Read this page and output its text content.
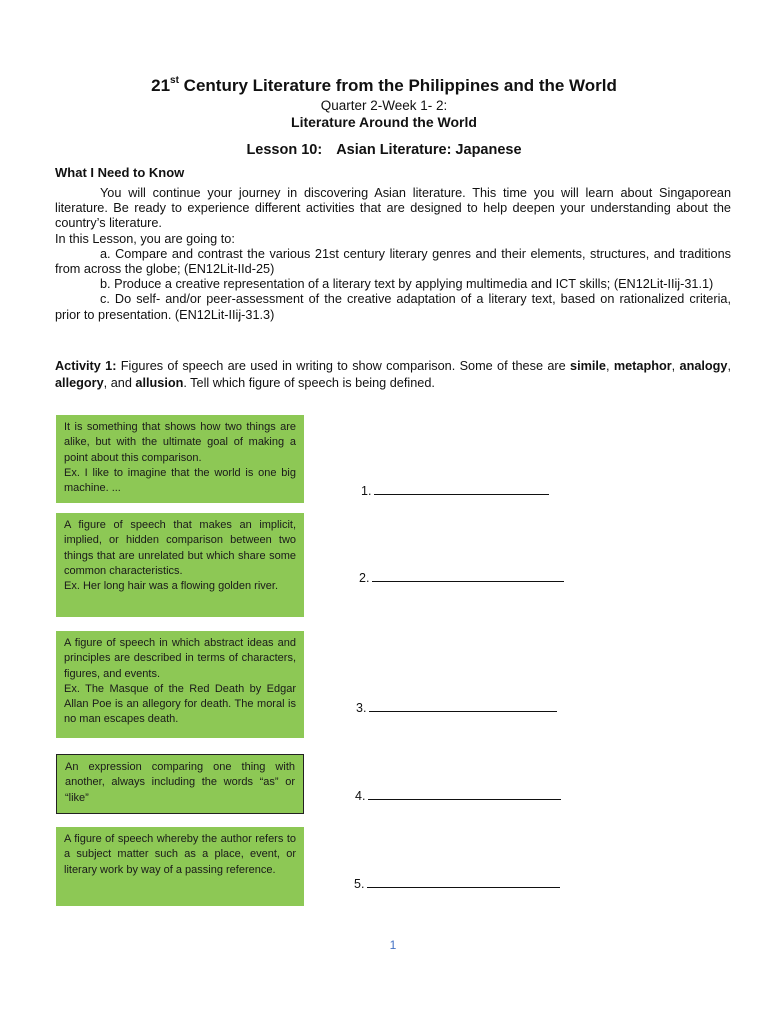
21st Century Literature from the Philippines and the World
Quarter 2-Week 1- 2:
Literature Around the World
Lesson 10: Asian Literature: Japanese
What I Need to Know

You will continue your journey in discovering Asian literature. This time you will learn about Singaporean literature. Be ready to experience different activities that are designed to help deepen your understanding about the country’s literature.

In this Lesson, you are going to:

a. Compare and contrast the various 21st century literary genres and their elements, structures, and traditions from across the globe; (EN12Lit-IId-25)

b. Produce a creative representation of a literary text by applying multimedia and ICT skills; (EN12Lit-IIij-31.1)

c. Do self- and/or peer-assessment of the creative adaptation of a literary text, based on rationalized criteria, prior to presentation. (EN12Lit-IIij-31.3)

Activity 1: Figures of speech are used in writing to show comparison. Some of these are simile, metaphor, analogy, allegory, and allusion. Tell which figure of speech is being defined.

It is something that shows how two things are alike, but with the ultimate goal of making a point about this comparison.

Ex. I like to imagine that the world is one big machine. ...

A figure of speech that makes an implicit, implied, or hidden comparison between two things that are unrelated but which share some common characteristics.

Ex. Her long hair was a flowing golden river.

A figure of speech in which abstract ideas and principles are described in terms of characters, figures, and events.

Ex. The Masque of the Red Death by Edgar Allan Poe is an allegory for death. The moral is no man escapes death.

An expression comparing one thing with another, always including the words “as” or “like”

A figure of speech whereby the author refers to a subject matter such as a place, event, or literary work by way of a passing reference.

1.
2.
3.
4.
5.
1
